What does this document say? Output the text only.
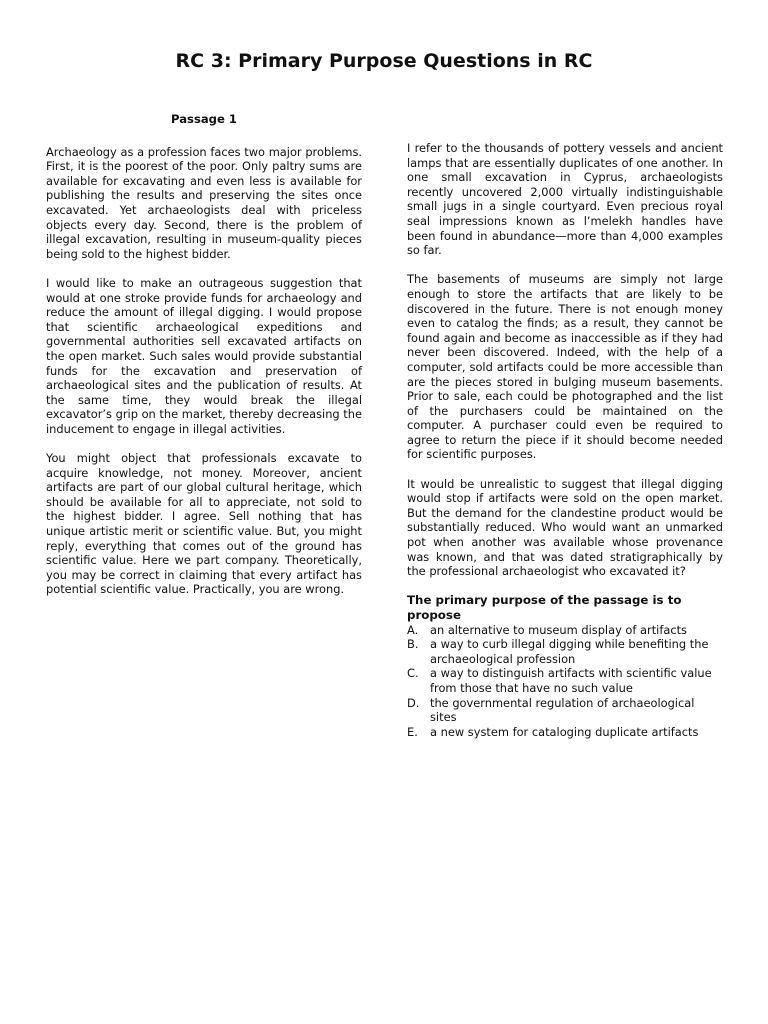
RC 3: Primary Purpose Questions in RC
Passage 1

Archaeology as a profession faces two major problems. First, it is the poorest of the poor. Only paltry sums are available for excavating and even less is available for publishing the results and preserving the sites once excavated. Yet archaeologists deal with priceless objects every day. Second, there is the problem of illegal excavation, resulting in museum-quality pieces being sold to the highest bidder.

I would like to make an outrageous suggestion that would at one stroke provide funds for archaeology and reduce the amount of illegal digging. I would propose that scientific archaeological expeditions and governmental authorities sell excavated artifacts on the open market. Such sales would provide substantial funds for the excavation and preservation of archaeological sites and the publication of results. At the same time, they would break the illegal excavator’s grip on the market, thereby decreasing the inducement to engage in illegal activities.

You might object that professionals excavate to acquire knowledge, not money. Moreover, ancient artifacts are part of our global cultural heritage, which should be available for all to appreciate, not sold to the highest bidder. I agree. Sell nothing that has unique artistic merit or scientific value. But, you might reply, everything that comes out of the ground has scientific value. Here we part company. Theoretically, you may be correct in claiming that every artifact has potential scientific value. Practically, you are wrong.

I refer to the thousands of pottery vessels and ancient lamps that are essentially duplicates of one another. In one small excavation in Cyprus, archaeologists recently uncovered 2,000 virtually indistinguishable small jugs in a single courtyard. Even precious royal seal impressions known as l’melekh handles have been found in abundance—more than 4,000 examples so far.

The basements of museums are simply not large enough to store the artifacts that are likely to be discovered in the future. There is not enough money even to catalog the finds; as a result, they cannot be found again and become as inaccessible as if they had never been discovered. Indeed, with the help of a computer, sold artifacts could be more accessible than are the pieces stored in bulging museum basements. Prior to sale, each could be photographed and the list of the purchasers could be maintained on the computer. A purchaser could even be required to agree to return the piece if it should become needed for scientific purposes.

It would be unrealistic to suggest that illegal digging would stop if artifacts were sold on the open market. But the demand for the clandestine product would be substantially reduced. Who would want an unmarked pot when another was available whose provenance was known, and that was dated stratigraphically by the professional archaeologist who excavated it?

The primary purpose of the passage is to propose
A.	an alternative to museum display of artifacts
B.	a way to curb illegal digging while benefiting the archaeological profession
C.	a way to distinguish artifacts with scientific value from those that have no such value
D. the governmental regulation of archaeological sites
E.	a new system for cataloging duplicate artifacts
